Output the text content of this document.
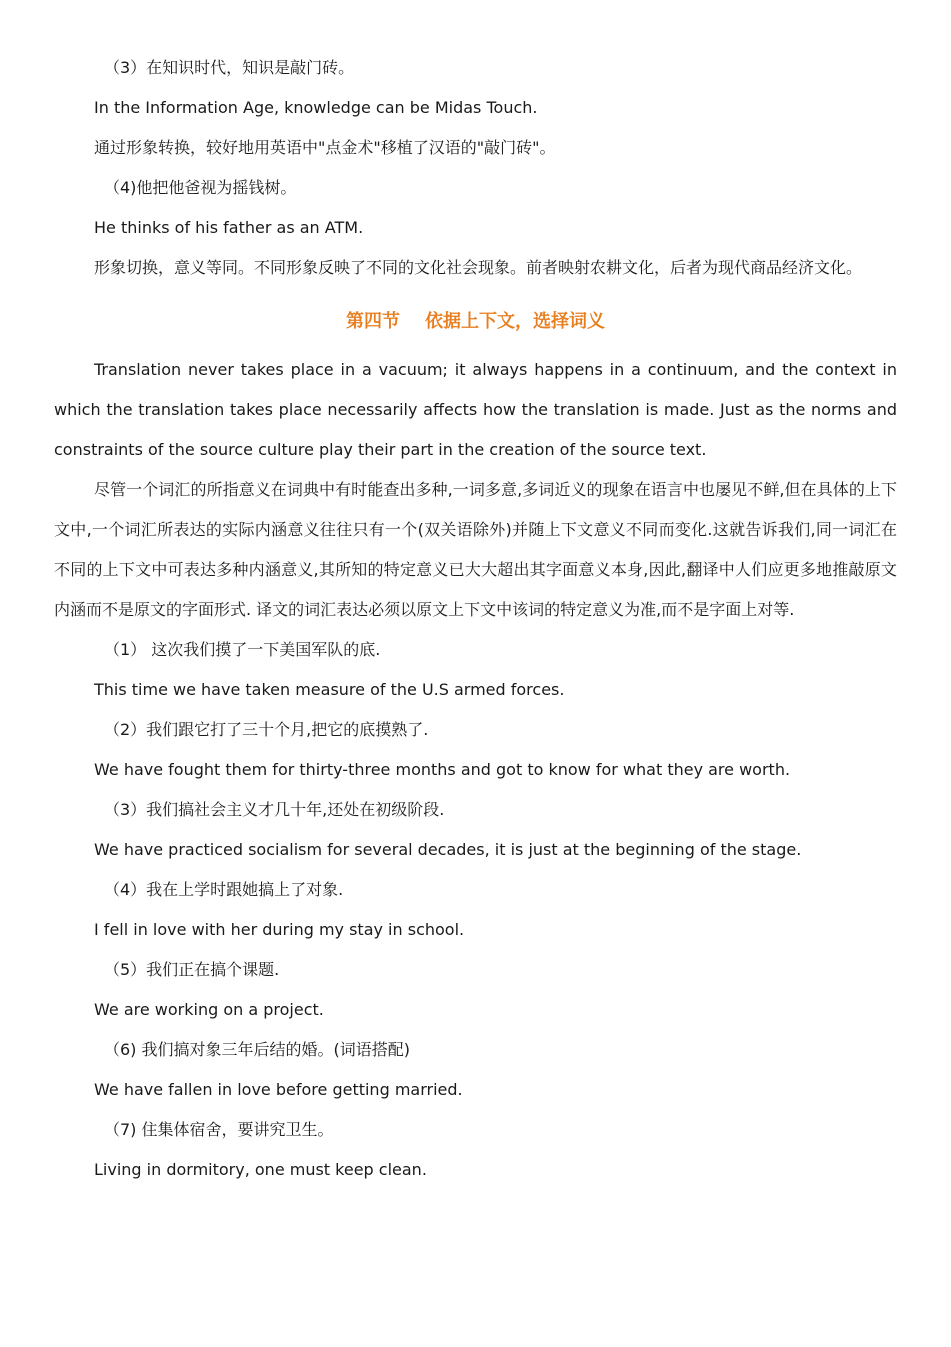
（3）在知识时代，知识是敲门砖。

In the Information Age, knowledge can be Midas Touch.

通过形象转换，较好地用英语中"点金术"移植了汉语的"敲门砖"。

（4)他把他爸视为摇钱树。

He thinks of his father as an ATM.

形象切换，意义等同。不同形象反映了不同的文化社会现象。前者映射农耕文化，后者为现代商品经济文化。

第四节    依据上下文，选择词义

Translation never takes place in a vacuum; it always happens in a continuum, and the context in which the translation takes place necessarily affects how the translation is made. Just as the norms and constraints of the source culture play their part in the creation of the source text.

尽管一个词汇的所指意义在词典中有时能查出多种,一词多意,多词近义的现象在语言中也屡见不鲜,但在具体的上下文中,一个词汇所表达的实际内涵意义往往只有一个(双关语除外)并随上下文意义不同而变化.这就告诉我们,同一词汇在不同的上下文中可表达多种内涵意义,其所知的特定意义已大大超出其字面意义本身,因此,翻译中人们应更多地推敲原文内涵而不是原文的字面形式. 译文的词汇表达必须以原文上下文中该词的特定意义为准,而不是字面上对等.

（1） 这次我们摸了一下美国军队的底.

This time we have taken measure of the U.S armed forces.

（2）我们跟它打了三十个月,把它的底摸熟了.

We have fought them for thirty-three months and got to know for what they are worth.

（3）我们搞社会主义才几十年,还处在初级阶段.

We have practiced socialism for several decades, it is just at the beginning of the stage.

（4）我在上学时跟她搞上了对象.

I fell in love with her during my stay in school.

（5）我们正在搞个课题.

We are working on a project.

（6) 我们搞对象三年后结的婚。(词语搭配)

We have fallen in love before getting married.

（7) 住集体宿舍，要讲究卫生。

Living in dormitory, one must keep clean.
